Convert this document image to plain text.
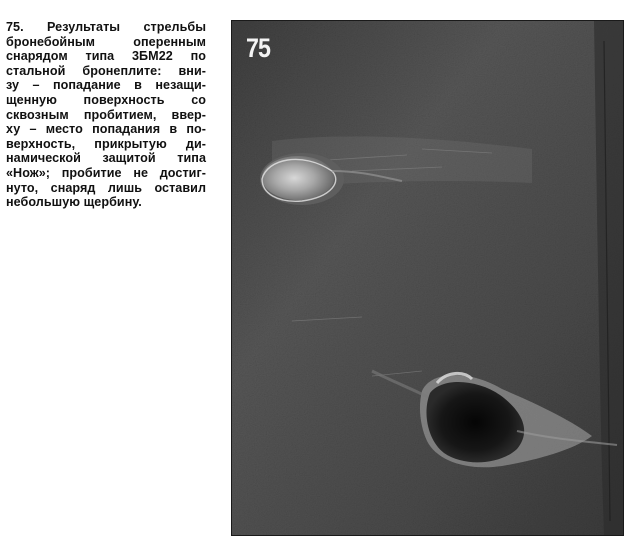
75. Результаты стрельбы
бронебойным оперенным
снарядом типа 3БМ22 по
стальной бронеплите: вни-
зу – попадание в незащи-
щенную поверхность со
сквозным пробитием, ввер-
ху – место попадания в по-
верхность, прикрытую ди-
намической защитой типа
«Нож»; пробитие не достиг-
нуто, снаряд лишь оставил
небольшую щербину.
75
